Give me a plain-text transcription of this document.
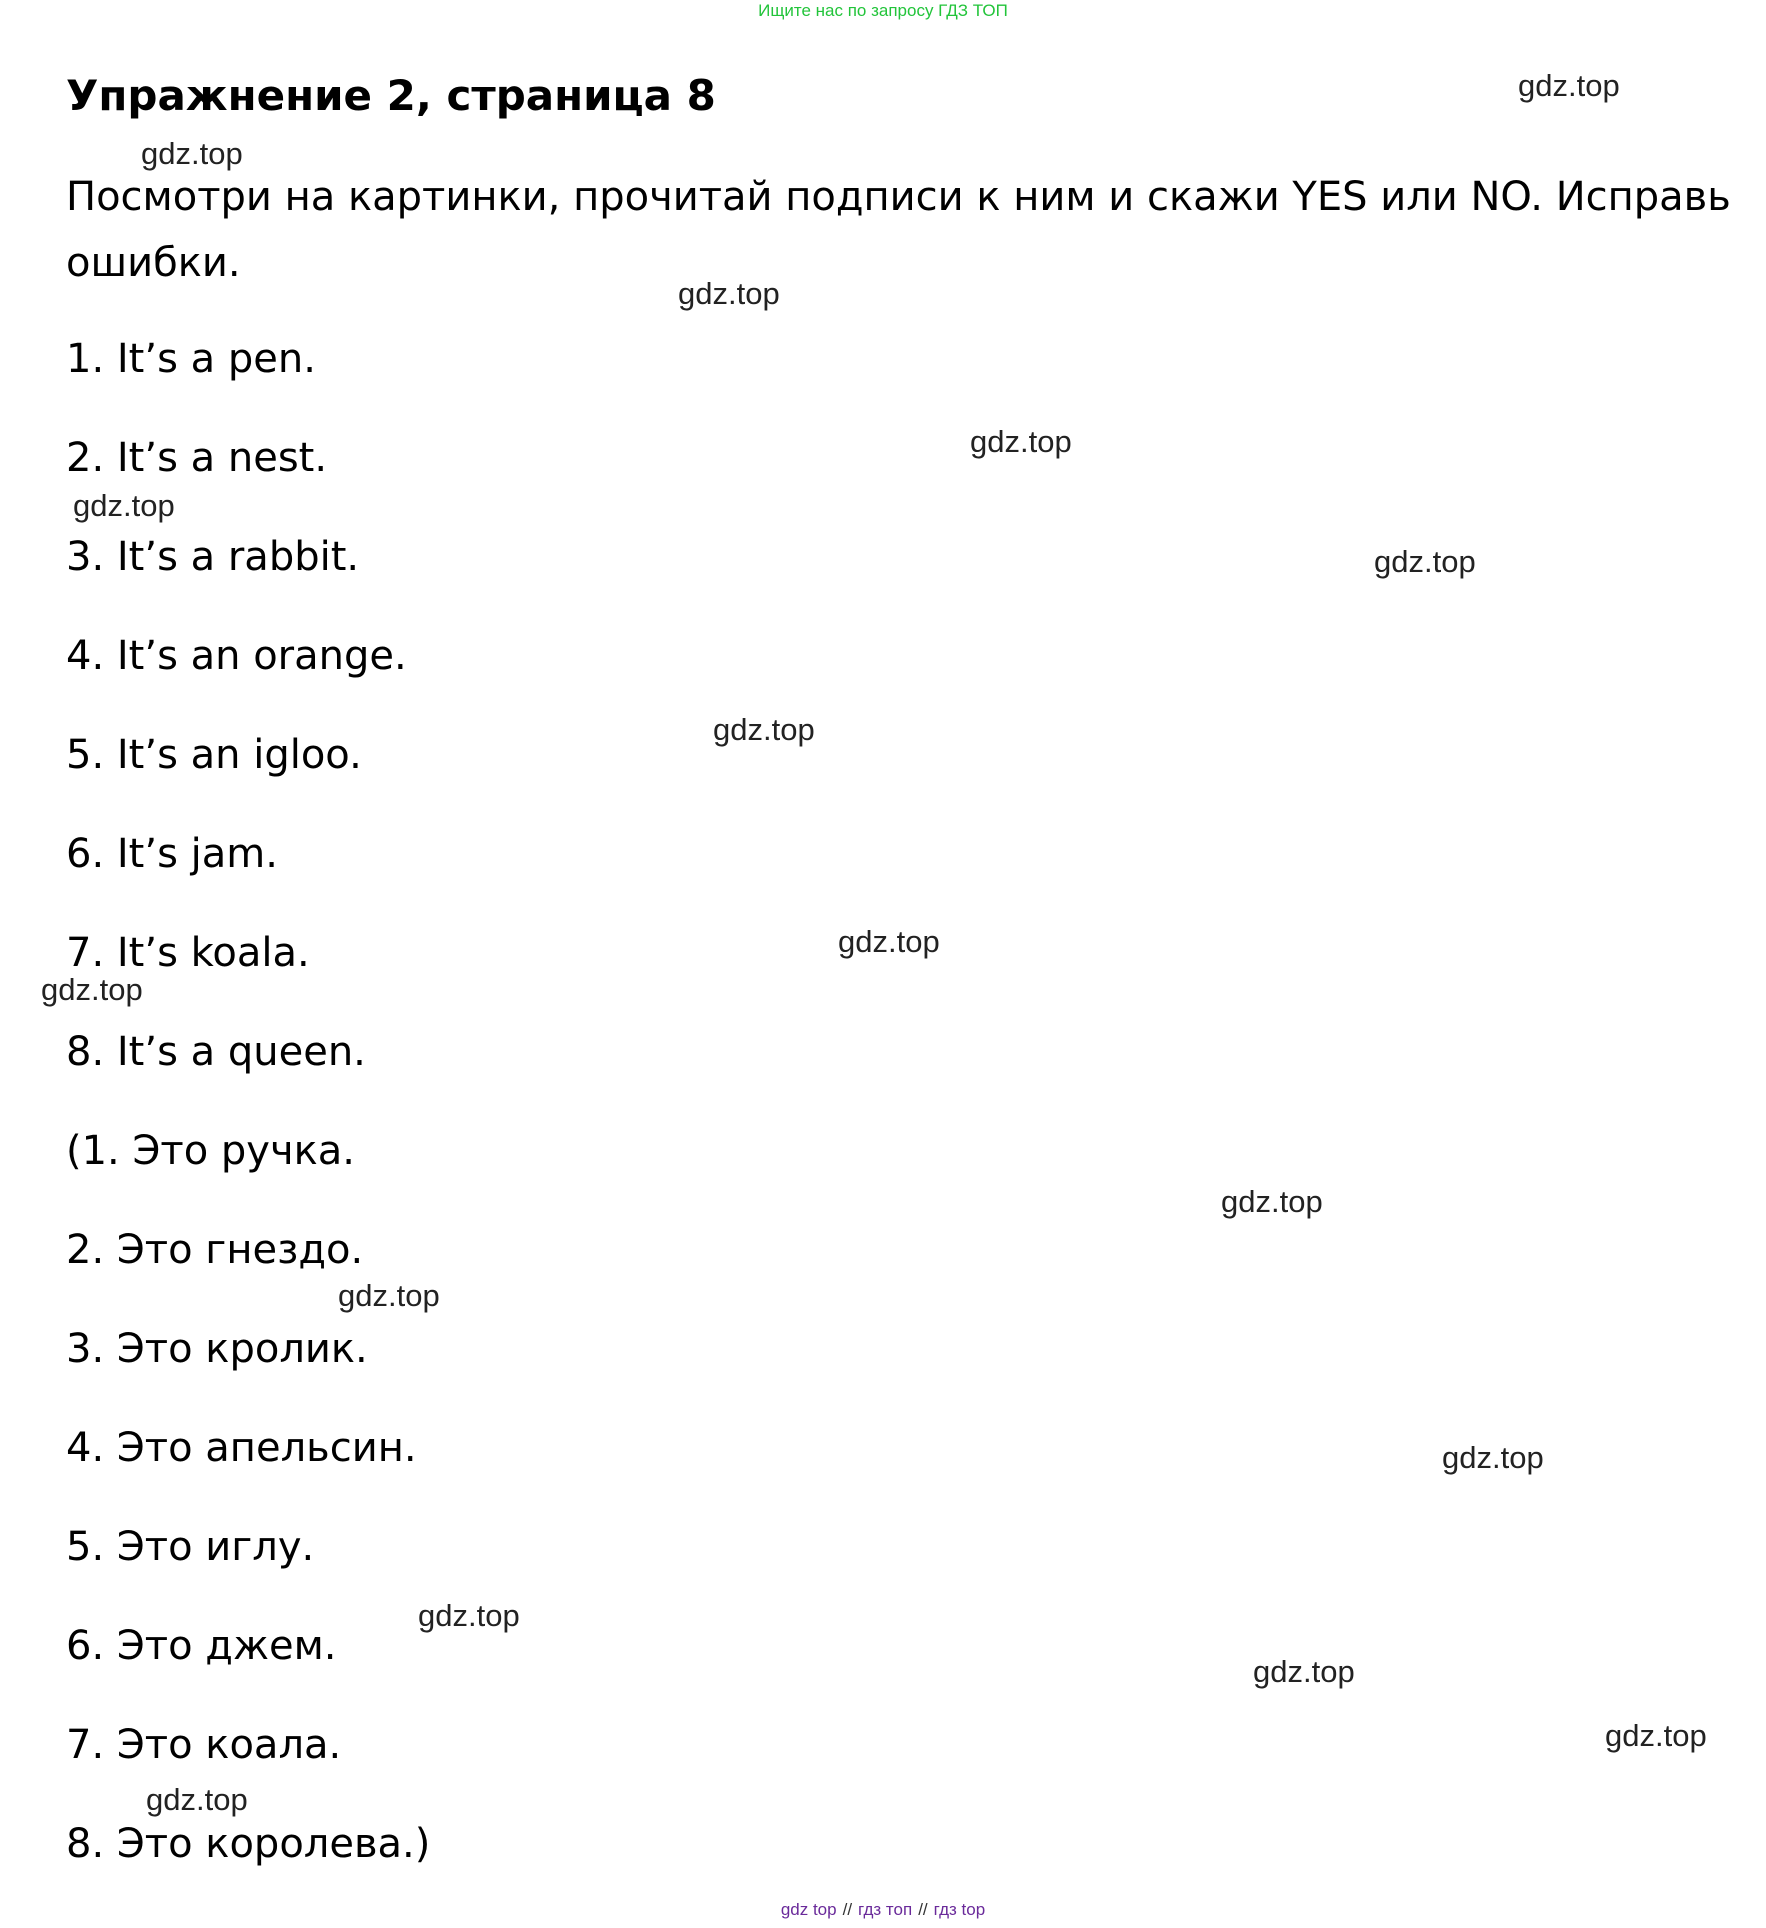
Ищите нас по запросу ГДЗ ТОП
Упражнение 2, страница 8
Посмотри на картинки, прочитай подписи к ним и скажи YES или NO. Исправь ошибки.
1. It’s a pen.
2. It’s a nest.
3. It’s a rabbit.
4. It’s an orange.
5. It’s an igloo.
6. It’s jam.
7. It’s koala.
8. It’s a queen.
(1. Это ручка.
2. Это гнездо.
3. Это кролик.
4. Это апельсин.
5. Это иглу.
6. Это джем.
7. Это коала.
8. Это королева.)
gdz.top
gdz.top
gdz.top
gdz.top
gdz.top
gdz.top
gdz.top
gdz.top
gdz.top
gdz.top
gdz.top
gdz.top
gdz.top
gdz.top
gdz.top
gdz.top
gdz top // гдз топ // гдз top
